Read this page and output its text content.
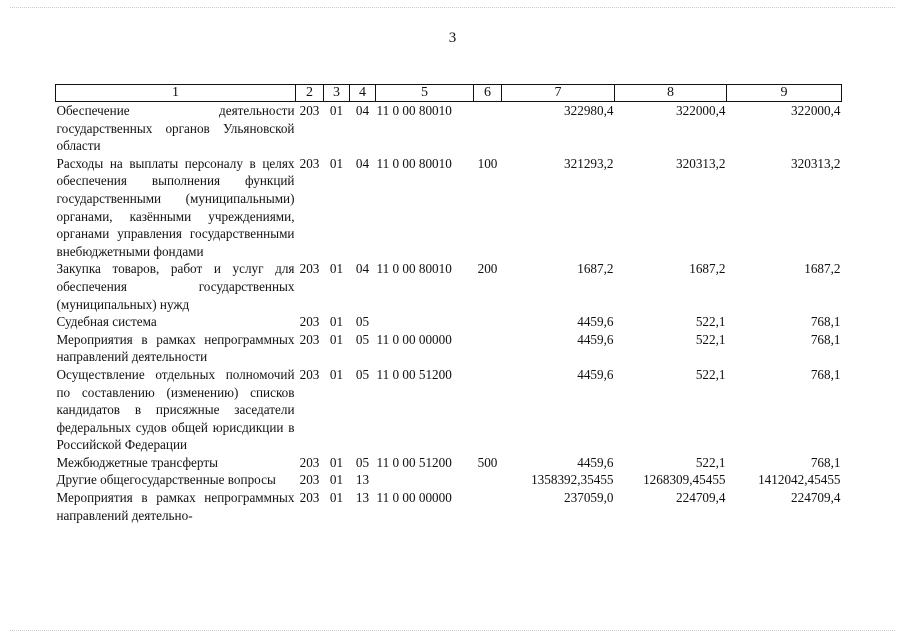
3
1	2	3	4	5	6	7	8	9
Обеспечение деятельности государственных органов Ульяновской области	203	01	04	11 0 00 80010		322980,4	322000,4	322000,4
Расходы на выплаты персоналу в целях обеспечения выполнения функций государственными (муниципальными) органами, казёнными учреждениями, органами управления государственными внебюджетными фондами	203	01	04	11 0 00 80010	100	321293,2	320313,2	320313,2
Закупка товаров, работ и услуг для обеспечения государственных (муниципальных) нужд	203	01	04	11 0 00 80010	200	1687,2	1687,2	1687,2
Судебная система	203	01	05			4459,6	522,1	768,1
Мероприятия в рамках непрограммных направлений деятельности	203	01	05	11 0 00 00000		4459,6	522,1	768,1
Осуществление отдельных полномочий по составлению (изменению) списков кандидатов в присяжные заседатели федеральных судов общей юрисдикции в Российской Федерации	203	01	05	11 0 00 51200		4459,6	522,1	768,1
Межбюджетные трансферты	203	01	05	11 0 00 51200	500	4459,6	522,1	768,1
Другие общегосударственные вопросы	203	01	13			1358392,35455	1268309,45455	1412042,45455
Мероприятия в рамках непрограммных направлений деятельно-	203	01	13	11 0 00 00000		237059,0	224709,4	224709,4
